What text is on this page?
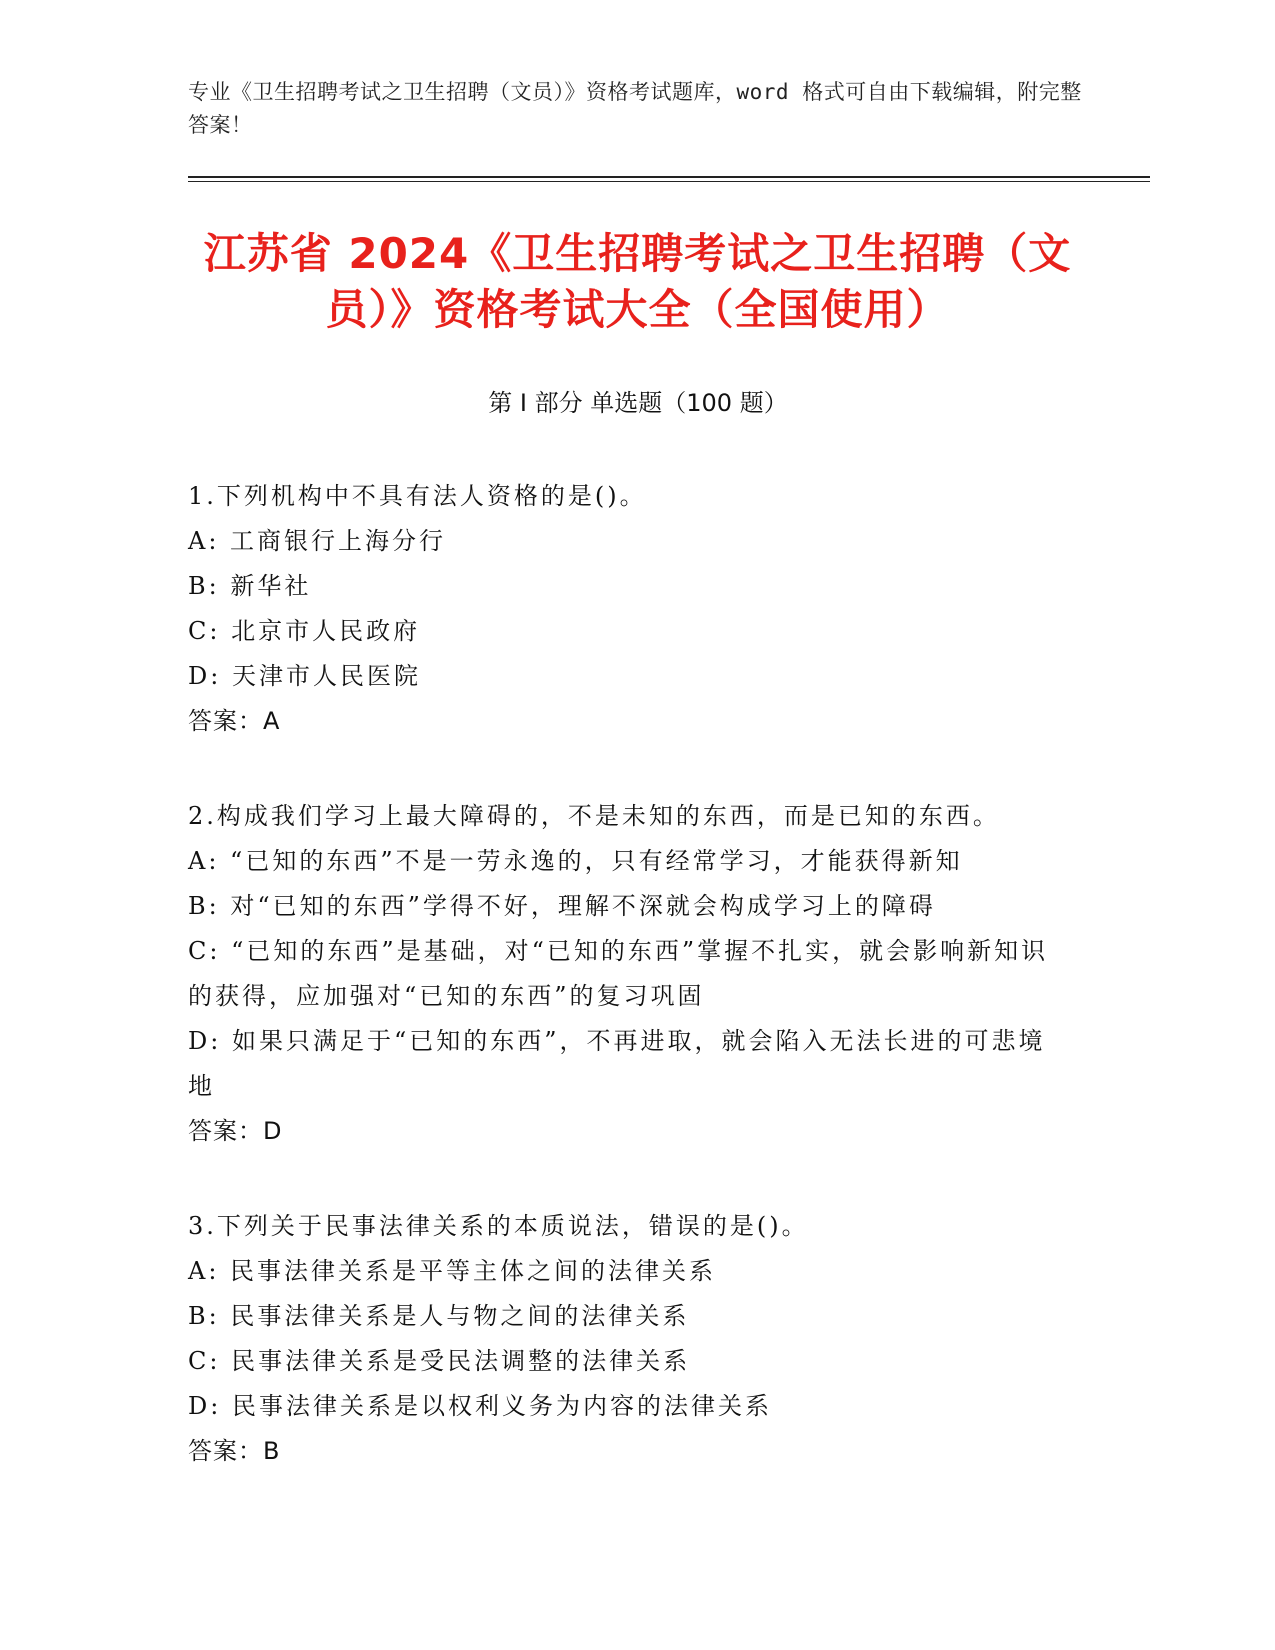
专业《卫生招聘考试之卫生招聘（文员）》资格考试题库，word 格式可自由下载编辑，附完整答案！
江苏省 2024《卫生招聘考试之卫生招聘（文员）》资格考试大全（全国使用）
第 I 部分 单选题（100 题）
1.下列机构中不具有法人资格的是()。
A: 工商银行上海分行
B: 新华社
C: 北京市人民政府
D: 天津市人民医院
答案：A
2.构成我们学习上最大障碍的，不是未知的东西，而是已知的东西。
A: “已知的东西”不是一劳永逸的，只有经常学习，才能获得新知
B: 对“已知的东西”学得不好，理解不深就会构成学习上的障碍
C: “已知的东西”是基础，对“已知的东西”掌握不扎实，就会影响新知识的获得，应加强对“已知的东西”的复习巩固
D: 如果只满足于“已知的东西”，不再进取，就会陷入无法长进的可悲境地
答案：D
3.下列关于民事法律关系的本质说法，错误的是()。
A: 民事法律关系是平等主体之间的法律关系
B: 民事法律关系是人与物之间的法律关系
C: 民事法律关系是受民法调整的法律关系
D: 民事法律关系是以权利义务为内容的法律关系
答案：B
